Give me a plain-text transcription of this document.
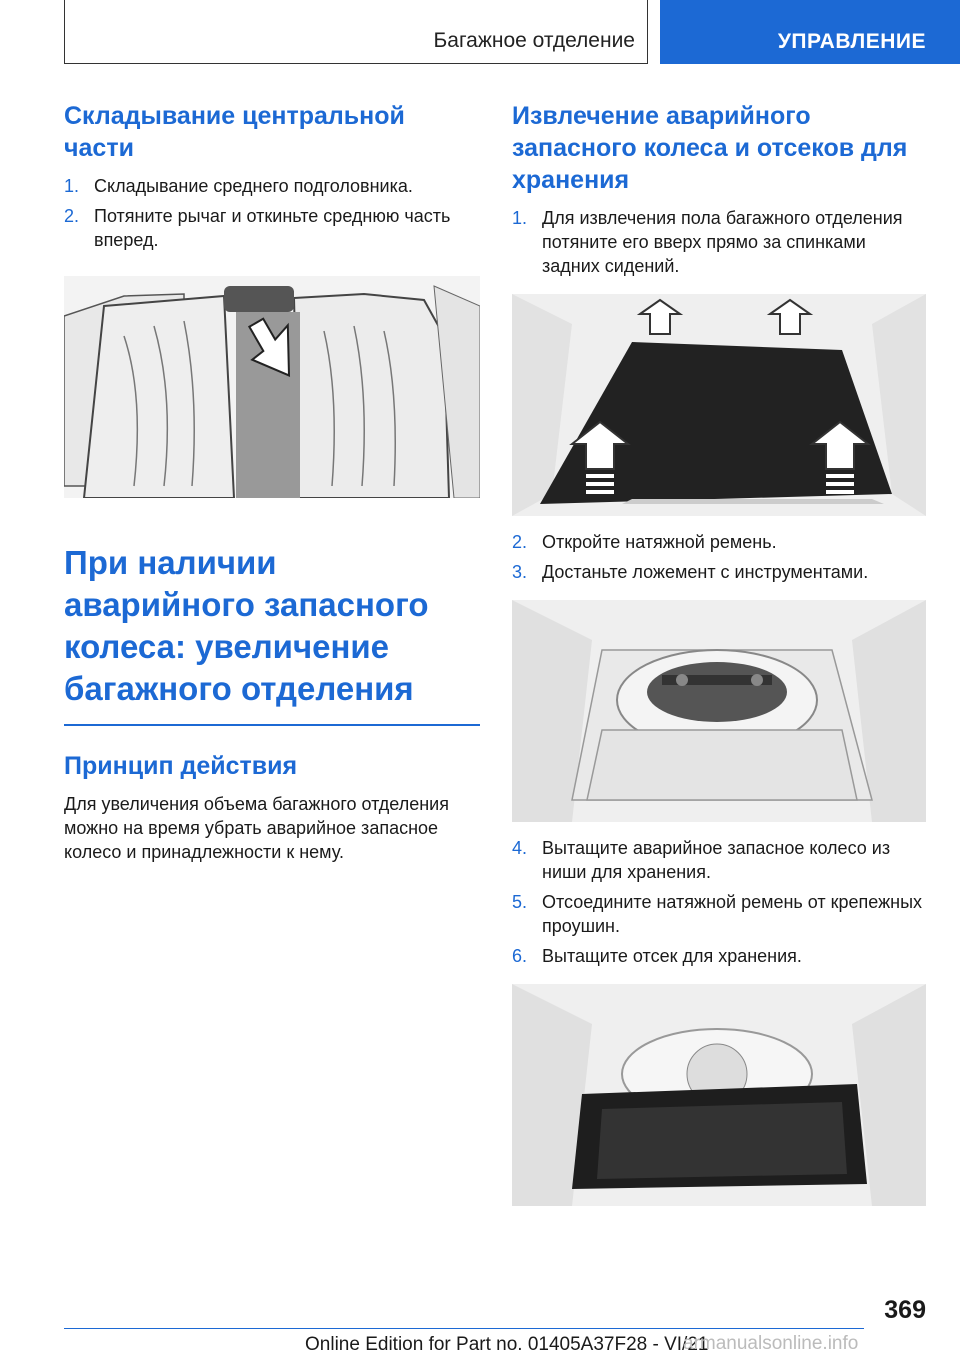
Багажное отделение	УПРАВЛЕНИЕ
Складывание центральной части
1. Складывание среднего подголовника.
2. Потяните рычаг и откиньте среднюю часть вперед.
При наличии аварийного запасного колеса: увеличение багажного отделения
Принцип действия

Для увеличения объема багажного отделения можно на время убрать аварийное запасное колесо и принадлежности к нему.

Извлечение аварийного запасного колеса и отсеков для хранения
1. Для извлечения пола багажного отделения потяните его вверх прямо за спинками задних сидений.
2. Откройте натяжной ремень.
3. Достаньте ложемент с инструментами.
4. Вытащите аварийное запасное колесо из ниши для хранения.
5. Отсоедините натяжной ремень от крепежных проушин.
6. Вытащите отсек для хранения.
369
Online Edition for Part no. 01405A37F28 - VI/21
armanualsonline.info
